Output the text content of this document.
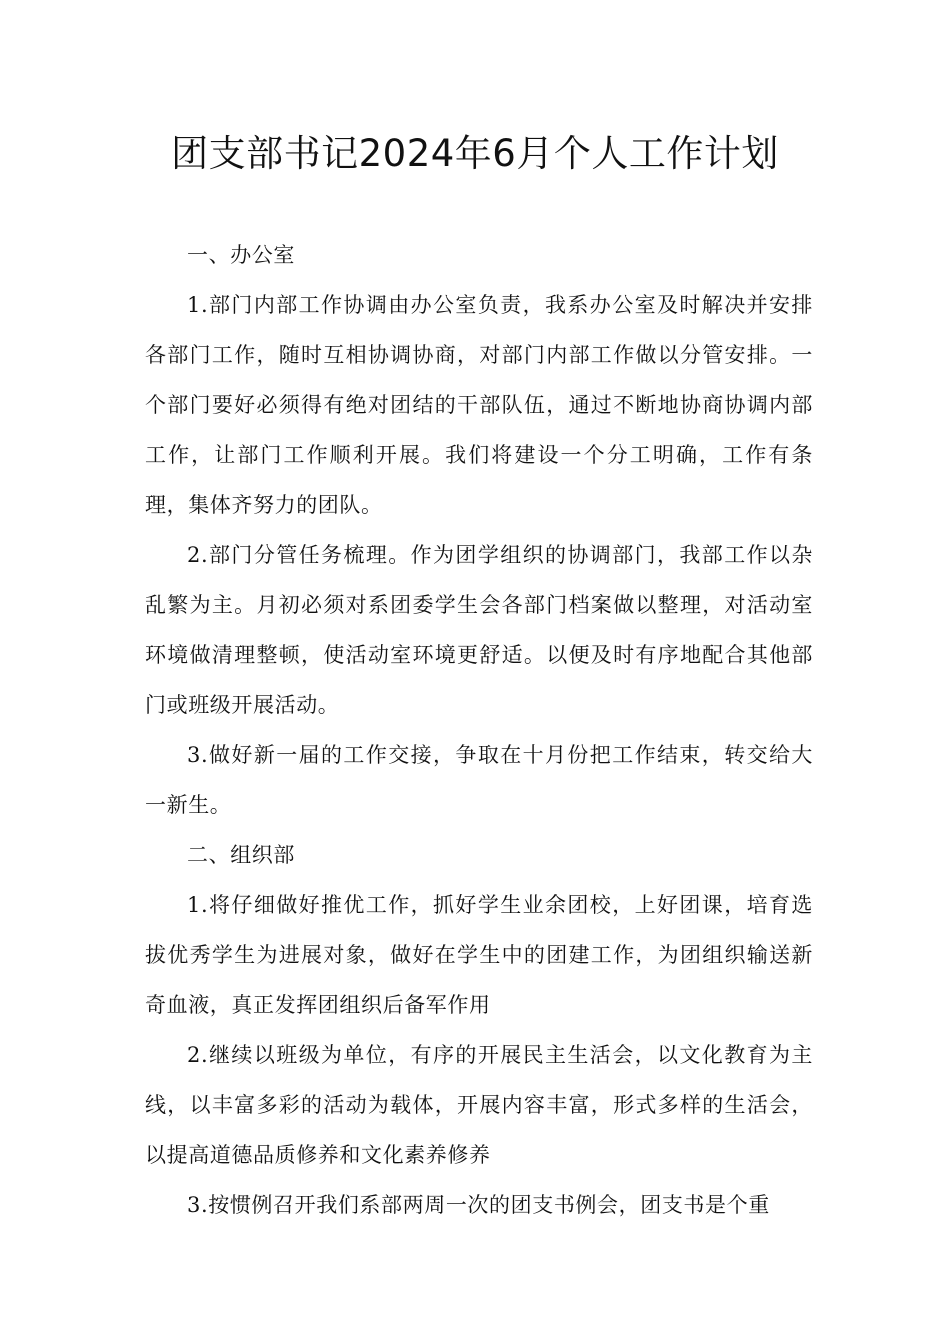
团支部书记2024年6月个人工作计划

一、办公室

1.部门内部工作协调由办公室负责，我系办公室及时解决并安排各部门工作，随时互相协调协商，对部门内部工作做以分管安排。一个部门要好必须得有绝对团结的干部队伍，通过不断地协商协调内部工作，让部门工作顺利开展。我们将建设一个分工明确，工作有条理，集体齐努力的团队。

2.部门分管任务梳理。作为团学组织的协调部门，我部工作以杂乱繁为主。月初必须对系团委学生会各部门档案做以整理，对活动室环境做清理整顿，使活动室环境更舒适。以便及时有序地配合其他部门或班级开展活动。

3.做好新一届的工作交接，争取在十月份把工作结束，转交给大一新生。

二、组织部

1.将仔细做好推优工作，抓好学生业余团校，上好团课，培育选拔优秀学生为进展对象，做好在学生中的团建工作，为团组织输送新奇血液，真正发挥团组织后备军作用

2.继续以班级为单位，有序的开展民主生活会，以文化教育为主线，以丰富多彩的活动为载体，开展内容丰富，形式多样的生活会，以提高道德品质修养和文化素养修养

3.按惯例召开我们系部两周一次的团支书例会，团支书是个重
